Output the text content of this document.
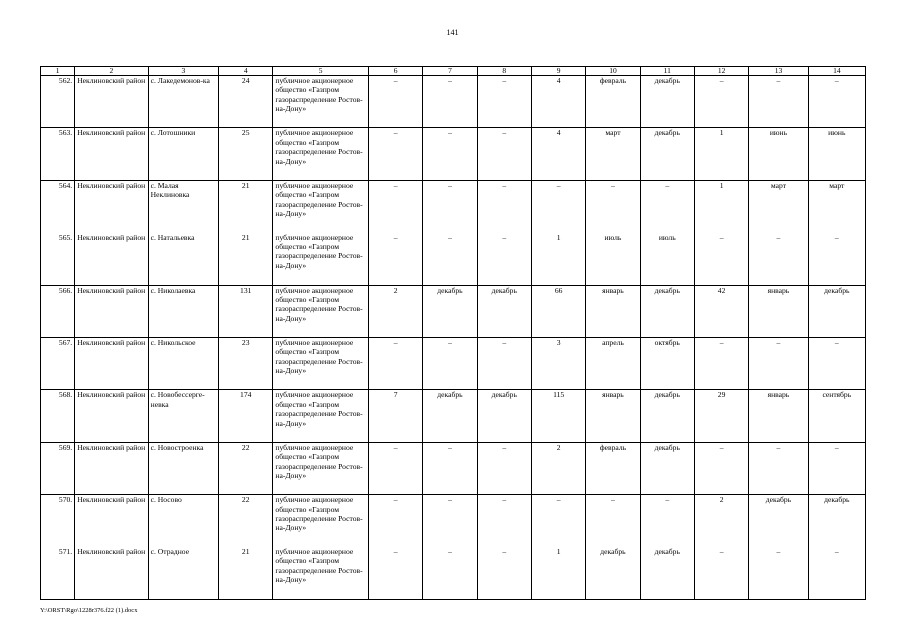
141
1	2	3	4	5	6	7	8	9	10	11	12	13	14
562.	Неклиновский район	с. Лакедемонов-ка	24	публичное акционерное общество «Газпром газораспределение Ростов-на-Дону»	–	–	–	4	февраль	декабрь	–	–	–
563.	Неклиновский район	с. Лотошники	25	публичное акционерное общество «Газпром газораспределение Ростов-на-Дону»	–	–	–	4	март	декабрь	1	июнь	июнь
564.	Неклиновский район	с. Малая Неклиновка	21	публичное акционерное общество «Газпром газораспределение Ростов-на-Дону»	–	–	–	–	–	–	1	март	март
565.	Неклиновский район	с. Натальевка	21	публичное акционерное общество «Газпром газораспределение Ростов-на-Дону»	–	–	–	1	июль	июль	–	–	–
566.	Неклиновский район	с. Николаевка	131	публичное акционерное общество «Газпром газораспределение Ростов-на-Дону»	2	декабрь	декабрь	66	январь	декабрь	42	январь	декабрь
567.	Неклиновский район	с. Никольское	23	публичное акционерное общество «Газпром газораспределение Ростов-на-Дону»	–	–	–	3	апрель	октябрь	–	–	–
568.	Неклиновский район	с. Новобессерге-невка	174	публичное акционерное общество «Газпром газораспределение Ростов-на-Дону»	7	декабрь	декабрь	115	январь	декабрь	29	январь	сентябрь
569.	Неклиновский район	с. Новостроенка	22	публичное акционерное общество «Газпром газораспределение Ростов-на-Дону»	–	–	–	2	февраль	декабрь	–	–	–
570.	Неклиновский район	с. Носово	22	публичное акционерное общество «Газпром газораспределение Ростов-на-Дону»	–	–	–	–	–	–	2	декабрь	декабрь
571.	Неклиновский район	с. Отрадное	21	публичное акционерное общество «Газпром газораспределение Ростов-на-Дону»	–	–	–	1	декабрь	декабрь	–	–	–
Y:\ORST\Rgo\1228r376.f22 (1).docx
